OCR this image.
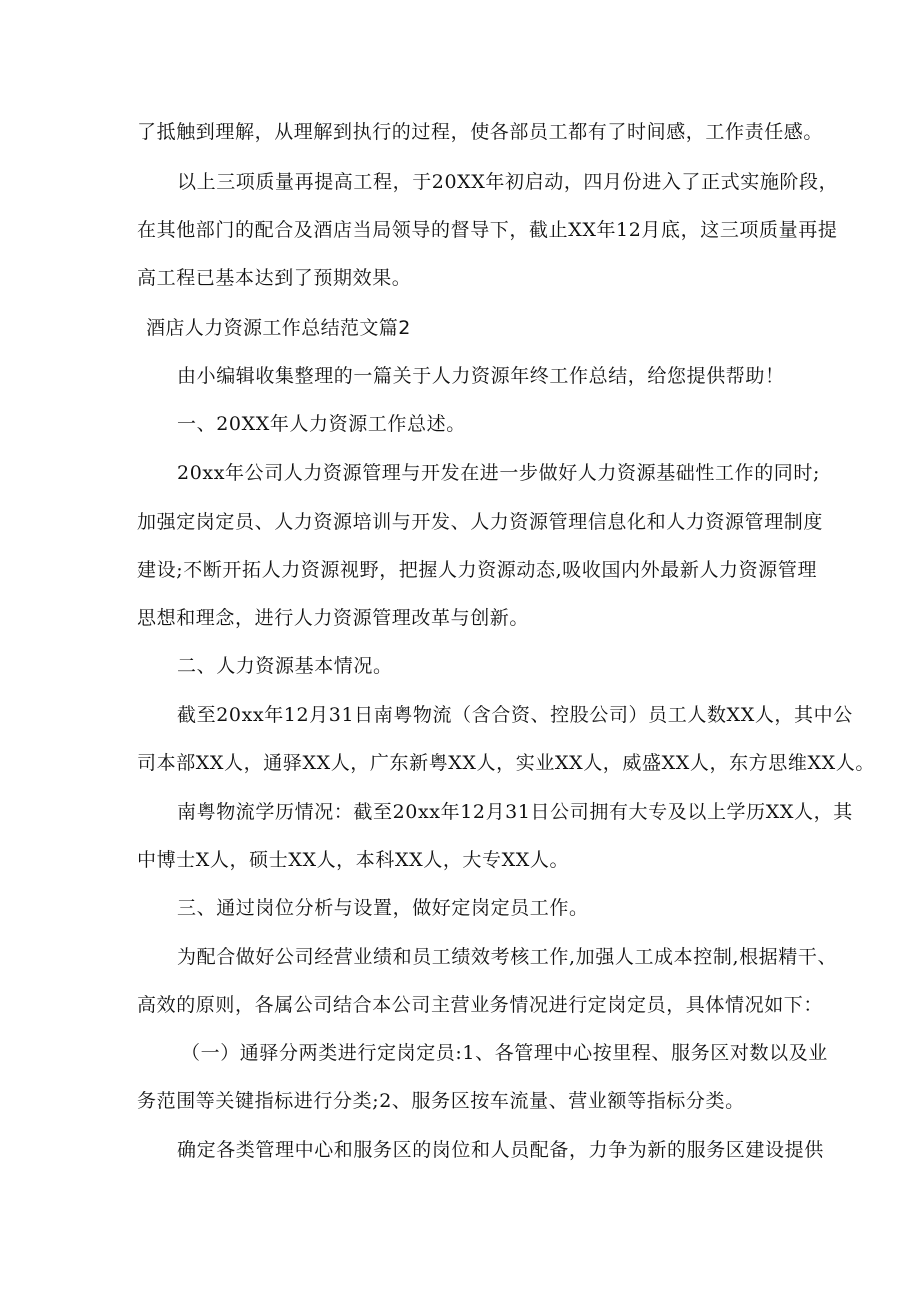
了抵触到理解，从理解到执行的过程，使各部员工都有了时间感，工作责任感。
以上三项质量再提高工程，于20XX年初启动，四月份进入了正式实施阶段，
在其他部门的配合及酒店当局领导的督导下，截止XX年12月底，这三项质量再提
高工程已基本达到了预期效果。
酒店人力资源工作总结范文篇2
由小编辑收集整理的一篇关于人力资源年终工作总结，给您提供帮助！
一、20XX年人力资源工作总述。
20xx年公司人力资源管理与开发在进一步做好人力资源基础性工作的同时;
加强定岗定员、人力资源培训与开发、人力资源管理信息化和人力资源管理制度
建设;不断开拓人力资源视野，把握人力资源动态,吸收国内外最新人力资源管理
思想和理念，进行人力资源管理改革与创新。
二、人力资源基本情况。
截至20xx年12月31日南粤物流（含合资、控股公司）员工人数XX人，其中公
司本部XX人，通驿XX人，广东新粤XX人，实业XX人，威盛XX人，东方思维XX人。
南粤物流学历情况：截至20xx年12月31日公司拥有大专及以上学历XX人，其
中博士X人，硕士XX人，本科XX人，大专XX人。
三、通过岗位分析与设置，做好定岗定员工作。
为配合做好公司经营业绩和员工绩效考核工作,加强人工成本控制,根据精干、
高效的原则，各属公司结合本公司主营业务情况进行定岗定员，具体情况如下：
（一）通驿分两类进行定岗定员:1、各管理中心按里程、服务区对数以及业
务范围等关键指标进行分类;2、服务区按车流量、营业额等指标分类。
确定各类管理中心和服务区的岗位和人员配备，力争为新的服务区建设提供
